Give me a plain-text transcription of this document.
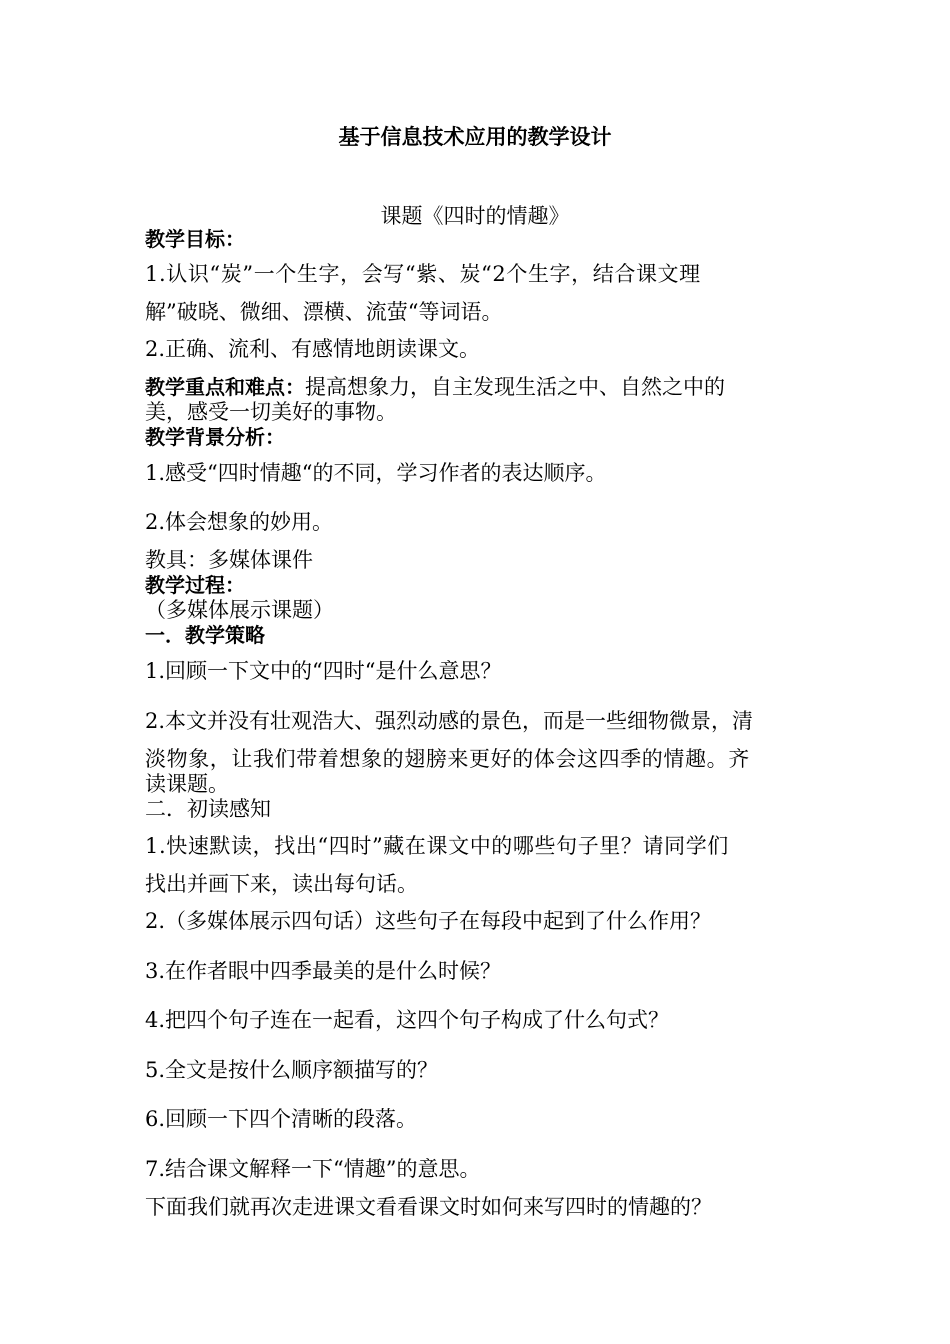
基于信息技术应用的教学设计
课题《四时的情趣》
教学目标：
1.认识“炭”一个生字，会写“紫、炭“2个生字，结合课文理
解”破晓、微细、漂横、流萤“等词语。
2.正确、流利、有感情地朗读课文。
教学重点和难点：提高想象力，自主发现生活之中、自然之中的
美，感受一切美好的事物。
教学背景分析：
1.感受“四时情趣“的不同，学习作者的表达顺序。
2.体会想象的妙用。
教具：多媒体课件
教学过程：
（多媒体展示课题）
一．教学策略
1.回顾一下文中的“四时“是什么意思？
2.本文并没有壮观浩大、强烈动感的景色，而是一些细物微景，清
淡物象，让我们带着想象的翅膀来更好的体会这四季的情趣。齐
读课题。
二．初读感知
1.快速默读，找出“四时”藏在课文中的哪些句子里？请同学们
找出并画下来，读出每句话。
2.（多媒体展示四句话）这些句子在每段中起到了什么作用？
3.在作者眼中四季最美的是什么时候？
4.把四个句子连在一起看，这四个句子构成了什么句式？
5.全文是按什么顺序额描写的？
6.回顾一下四个清晰的段落。
7.结合课文解释一下“情趣”的意思。
下面我们就再次走进课文看看课文时如何来写四时的情趣的？
